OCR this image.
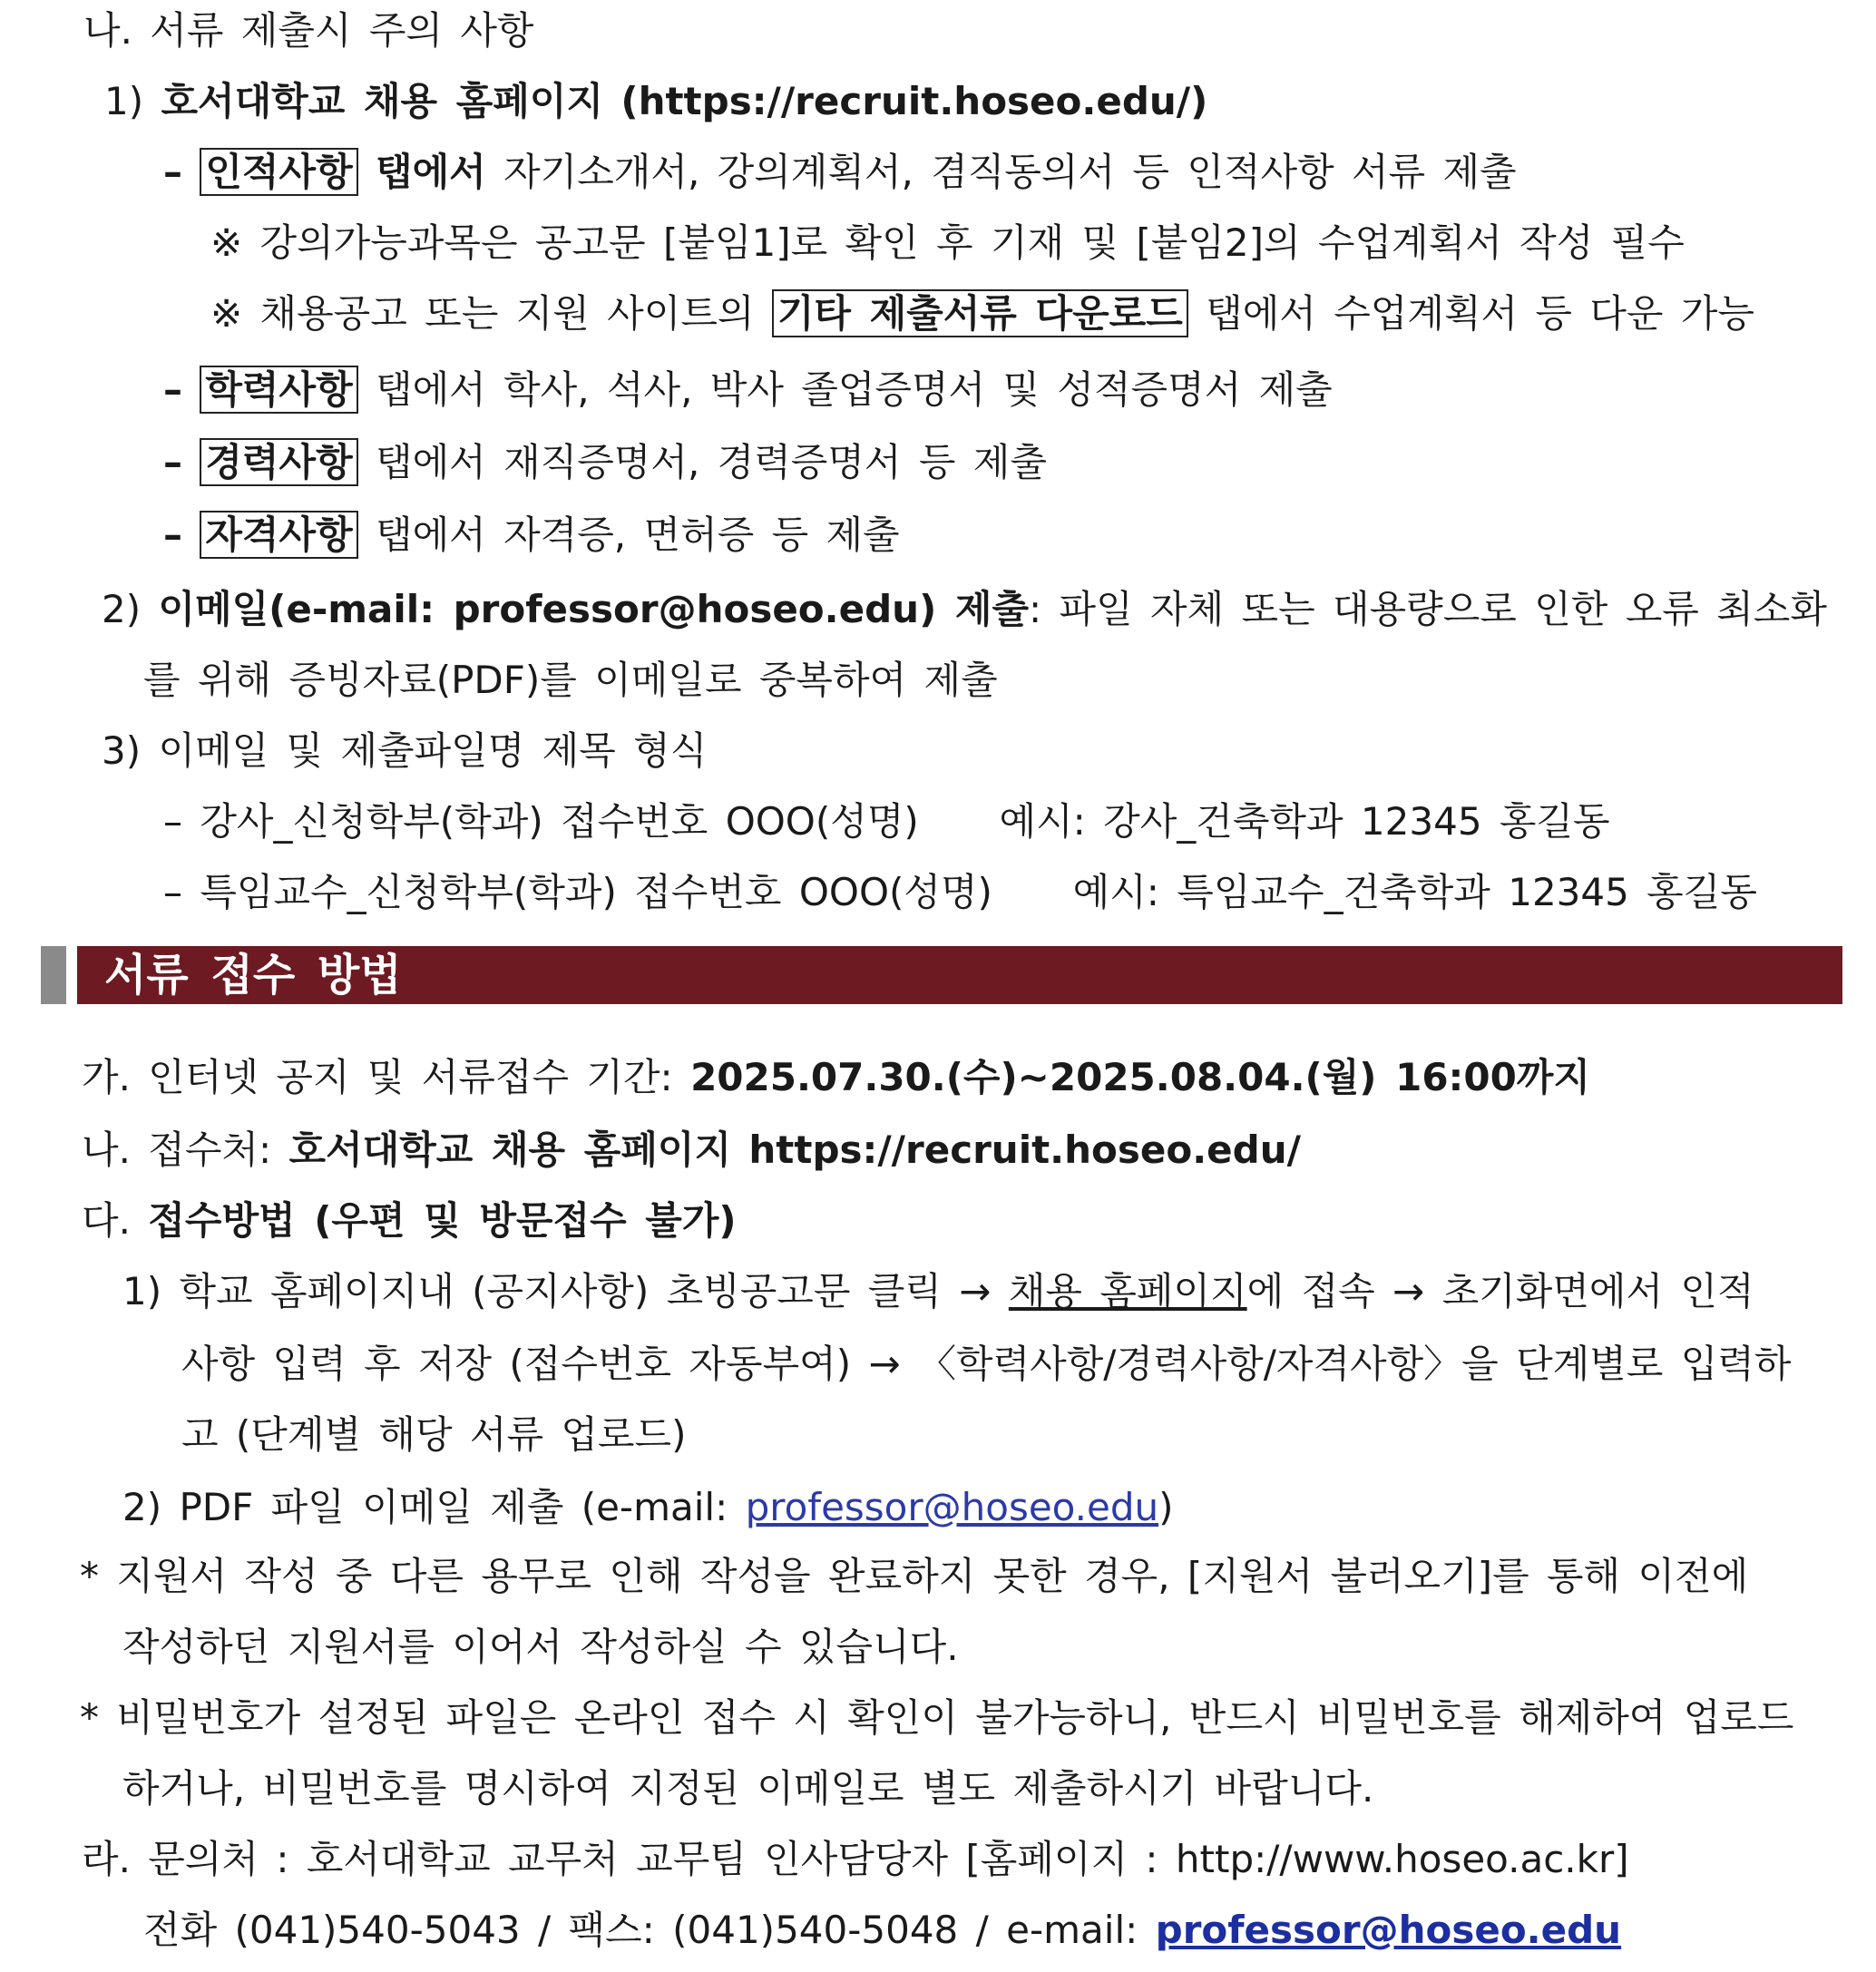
나. 서류 제출시 주의 사항
1) 호서대학교 채용 홈페이지 (https://recruit.hoseo.edu/)
– 인적사항 탭에서 자기소개서, 강의계획서, 겸직동의서 등 인적사항 서류 제출
※ 강의가능과목은 공고문 [붙임1]로 확인 후 기재 및 [붙임2]의 수업계획서 작성 필수
※ 채용공고 또는 지원 사이트의 기타 제출서류 다운로드 탭에서 수업계획서 등 다운 가능
– 학력사항 탭에서 학사, 석사, 박사 졸업증명서 및 성적증명서 제출
– 경력사항 탭에서 재직증명서, 경력증명서 등 제출
– 자격사항 탭에서 자격증, 면허증 등 제출
2) 이메일(e-mail: professor@hoseo.edu) 제출: 파일 자체 또는 대용량으로 인한 오류 최소화
를 위해 증빙자료(PDF)를 이메일로 중복하여 제출
3) 이메일 및 제출파일명 제목 형식
– 강사_신청학부(학과) 접수번호 OOO(성명) 예시: 강사_건축학과 12345 홍길동
– 특임교수_신청학부(학과) 접수번호 OOO(성명) 예시: 특임교수_건축학과 12345 홍길동
서류 접수 방법
가. 인터넷 공지 및 서류접수 기간: 2025.07.30.(수)~2025.08.04.(월) 16:00까지
나. 접수처: 호서대학교 채용 홈페이지 https://recruit.hoseo.edu/
다. 접수방법 (우편 및 방문접수 불가)
1) 학교 홈페이지내 (공지사항) 초빙공고문 클릭 → 채용 홈페이지에 접속 → 초기화면에서 인적
사항 입력 후 저장 (접수번호 자동부여) → 〈학력사항/경력사항/자격사항〉을 단계별로 입력하
고 (단계별 해당 서류 업로드)
2) PDF 파일 이메일 제출 (e-mail: professor@hoseo.edu)
* 지원서 작성 중 다른 용무로 인해 작성을 완료하지 못한 경우, [지원서 불러오기]를 통해 이전에
작성하던 지원서를 이어서 작성하실 수 있습니다.
* 비밀번호가 설정된 파일은 온라인 접수 시 확인이 불가능하니, 반드시 비밀번호를 해제하여 업로드
하거나, 비밀번호를 명시하여 지정된 이메일로 별도 제출하시기 바랍니다.
라. 문의처 : 호서대학교 교무처 교무팀 인사담당자 [홈페이지 : http://www.hoseo.ac.kr]
전화 (041)540-5043 / 팩스: (041)540-5048 / e-mail: professor@hoseo.edu
